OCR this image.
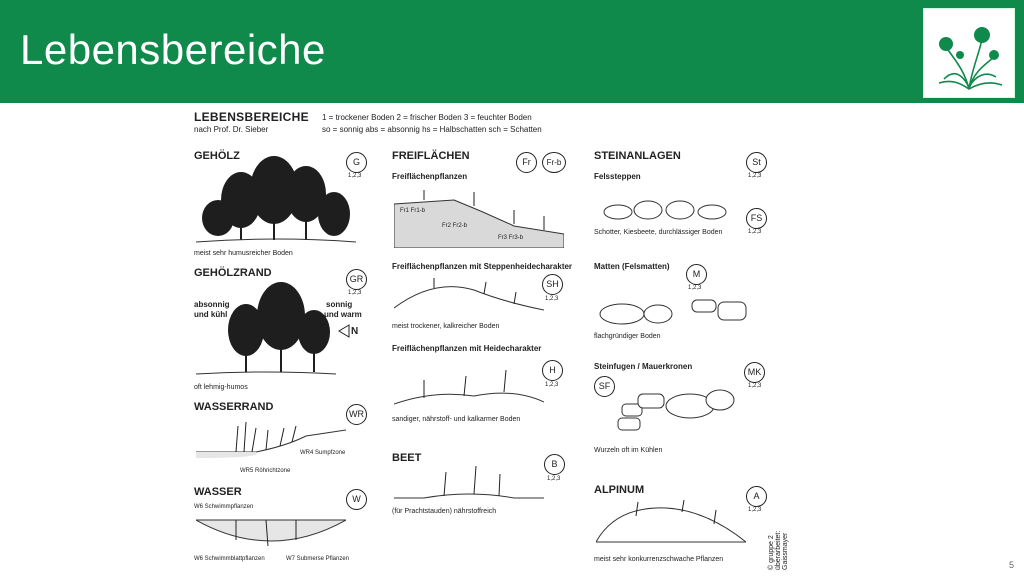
Lebensbereiche
LEBENSBEREICHE
nach Prof. Dr. Sieber
1 = trockener Boden 2 = frischer Boden 3 = feuchter Boden
so = sonnig abs = absonnig hs = Halbschatten sch = Schatten
GEHÖLZ	G
1,2,3
meist sehr humusreicher Boden
GEHÖLZRAND	GR
1,2,3
absonnig
und kühl
sonnig
und warm
N
oft lehmig-humos
WASSERRAND
WR
WR4 Sumpfzone
WR5 Röhrichtzone
WASSER
W
W6 Schwimmpflanzen
W6 Schwimmblattpflanzen	W7 Submerse Pflanzen
FREIFLÄCHEN	Fr	Fr-b
Freiflächenpflanzen
Fr1 Fr1-b
Fr2 Fr2-b
Fr3 Fr3-b
Freiflächenpflanzen mit Steppenheidecharakter
SH
1,2,3
meist trockener, kalkreicher Boden
Freiflächenpflanzen mit Heidecharakter
H
1,2,3
sandiger, nährstoff- und kalkarmer Boden
BEET	B
1,2,3
(für Prachtstauden) nährstoffreich
STEINANLAGEN	St
1,2,3
Felssteppen
FS
1,2,3
Schotter, Kiesbeete, durchlässiger Boden
Matten (Felsmatten)
M
1,2,3
flachgründiger Boden
Steinfugen / Mauerkronen
SF
MK
1,2,3
Wurzeln oft im Kühlen
ALPINUM	A
1,2,3
meist sehr konkurrenzschwache Pflanzen	© gruppe 2 überarbeitet: Gaissmayer	5
